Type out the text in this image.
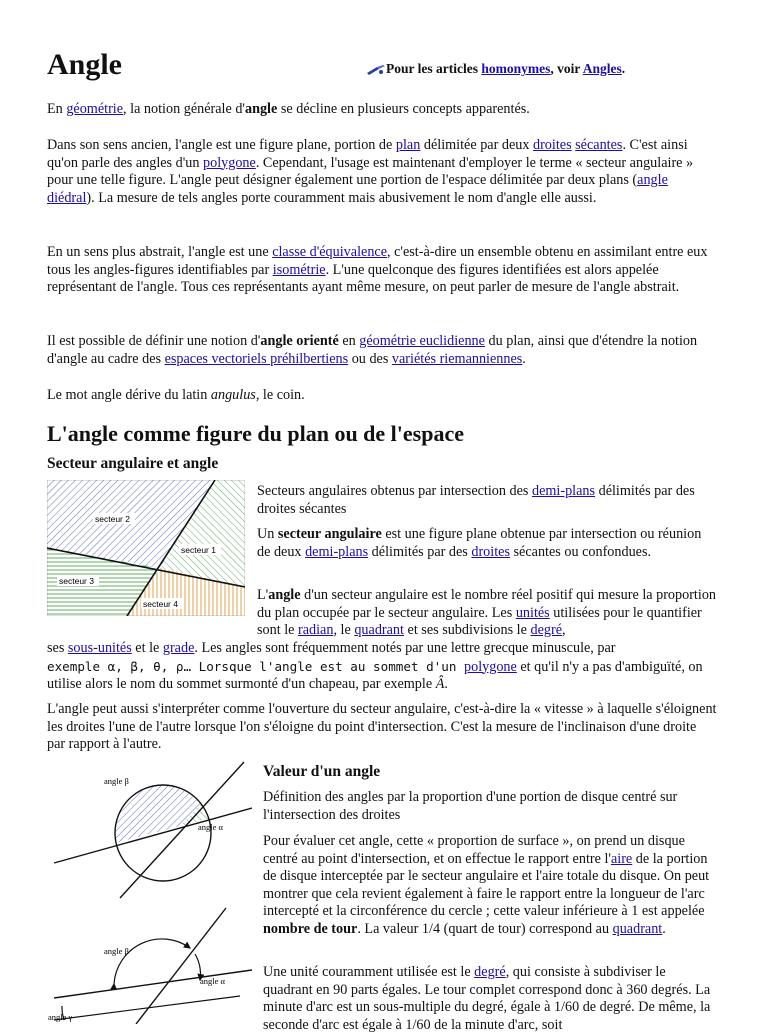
Angle	Pour les articles homonymes, voir Angles.

En géométrie, la notion générale d'angle se décline en plusieurs concepts apparentés.

Dans son sens ancien, l'angle est une figure plane, portion de plan délimitée par deux droites sécantes. C'est ainsi qu'on parle des angles d'un polygone. Cependant, l'usage est maintenant d'employer le terme « secteur angulaire » pour une telle figure. L'angle peut désigner également une portion de l'espace délimitée par deux plans (angle diédral). La mesure de tels angles porte couramment mais abusivement le nom d'angle elle aussi.

En un sens plus abstrait, l'angle est une classe d'équivalence, c'est-à-dire un ensemble obtenu en assimilant entre eux tous les angles-figures identifiables par isométrie. L'une quelconque des figures identifiées est alors appelée représentant de l'angle. Tous ces représentants ayant même mesure, on peut parler de mesure de l'angle abstrait.

Il est possible de définir une notion d'angle orienté en géométrie euclidienne du plan, ainsi que d'étendre la notion d'angle au cadre des espaces vectoriels préhilbertiens ou des variétés riemanniennes.

Le mot angle dérive du latin angulus, le coin.

L'angle comme figure du plan ou de l'espace
Secteur angulaire et angle
secteur 2
secteur 1
secteur 3
secteur 4

Secteurs angulaires obtenus par intersection des demi-plans délimités par des droites sécantes

Un secteur angulaire est une figure plane obtenue par intersection ou réunion de deux demi-plans délimités par des droites sécantes ou confondues.

L'angle d'un secteur angulaire est le nombre réel positif qui mesure la proportion du plan occupée par le secteur angulaire. Les unités utilisées pour le quantifier sont le radian, le quadrant et ses subdivisions le degré,

ses sous-unités et le grade. Les angles sont fréquemment notés par une lettre grecque minuscule, par
exemple α, β, θ, ρ… Lorsque l'angle est au sommet d'un polygone et qu'il n'y a pas d'ambiguïté, on utilise alors le nom du sommet surmonté d'un chapeau, par exemple Â.

L'angle peut aussi s'interpréter comme l'ouverture du secteur angulaire, c'est-à-dire la « vitesse » à laquelle s'éloignent les droites l'une de l'autre lorsque l'on s'éloigne du point d'intersection. C'est la mesure de l'inclinaison d'une droite par rapport à l'autre.

Valeur d'un angle
angle β
angle α
angle β
angle α
angle γ

Définition des angles par la proportion d'une portion de disque centré sur l'intersection des droites

Pour évaluer cet angle, cette « proportion de surface », on prend un disque centré au point d'intersection, et on effectue le rapport entre l'aire de la portion de disque interceptée par le secteur angulaire et l'aire totale du disque. On peut montrer que cela revient également à faire le rapport entre la longueur de l'arc intercepté et la circonférence du cercle ; cette valeur inférieure à 1 est appelée nombre de tour. La valeur 1/4 (quart de tour) correspond au quadrant.

Une unité couramment utilisée est le degré, qui consiste à subdiviser le quadrant en 90 parts égales. Le tour complet correspond donc à 360 degrés. La minute d'arc est un sous-multiple du degré, égale à 1/60 de degré. De même, la seconde d'arc est égale à 1/60 de la minute d'arc, soit
